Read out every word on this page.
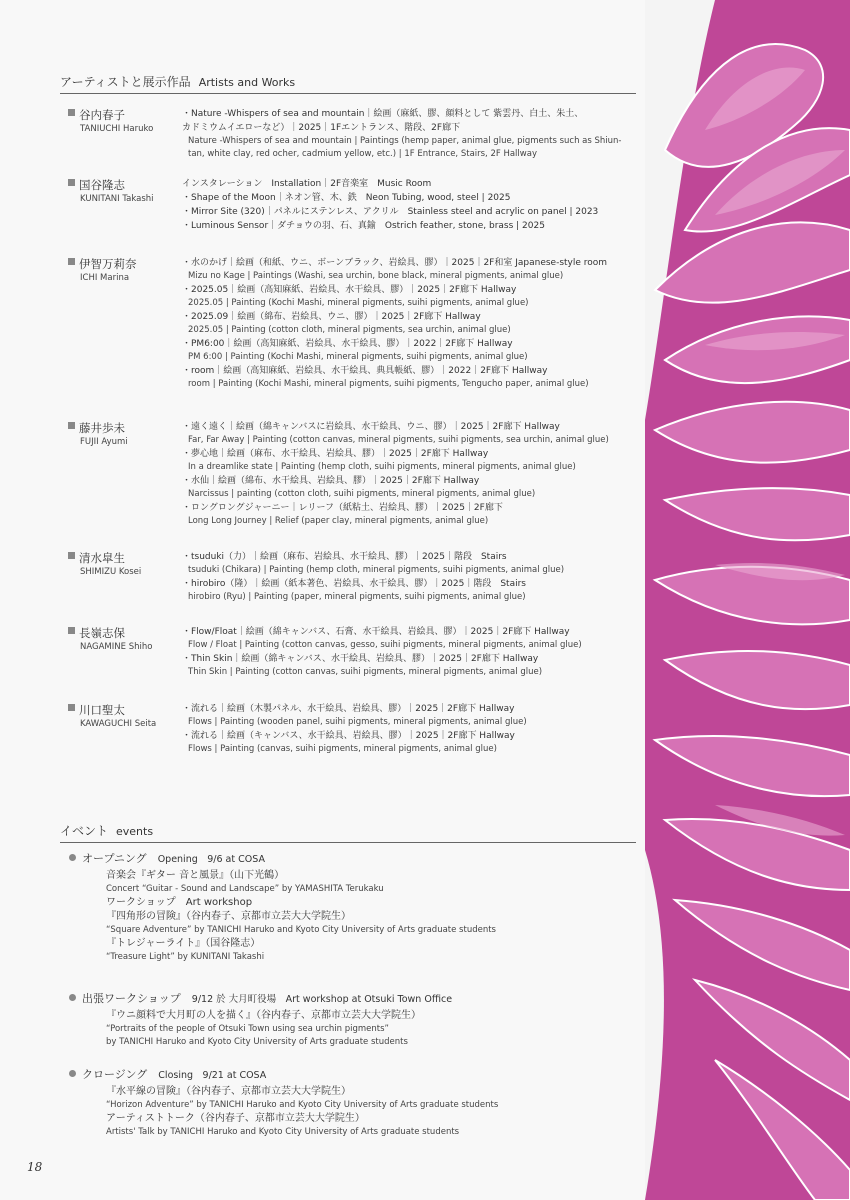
アーティストと展示作品 Artists and Works
谷内春子
TANIUCHI Haruko
・Nature -Whispers of sea and mountain｜絵画（麻紙、膠、顔料として 紫雲丹、白土、朱土、
カドミウムイエローなど）｜2025｜1Fエントランス、階段、2F廊下
Nature -Whispers of sea and mountain | Paintings (hemp paper, animal glue, pigments such as Shiun-tan, white clay, red ocher, cadmium yellow, etc.) | 1F Entrance, Stairs, 2F Hallway
国谷隆志
KUNITANI Takashi
インスタレーション　Installation｜2F音楽室　Music Room
・Shape of the Moon｜ネオン管、木、鉄　Neon Tubing, wood, steel | 2025
・Mirror Site (320)｜パネルにステンレス、アクリル　Stainless steel and acrylic on panel | 2023
・Luminous Sensor｜ダチョウの羽、石、真鍮　Ostrich feather, stone, brass | 2025
伊智万莉奈
ICHI Marina
・水のかげ｜絵画（和紙、ウニ、ボーンブラック、岩絵具、膠）｜2025｜2F和室 Japanese-style room
Mizu no Kage | Paintings (Washi, sea urchin, bone black, mineral pigments, animal glue)
・2025.05｜絵画（高知麻紙、岩絵具、水干絵具、膠）｜2025｜2F廊下 Hallway
2025.05 | Painting (Kochi Mashi, mineral pigments, suihi pigments, animal glue)
・2025.09｜絵画（綿布、岩絵具、ウニ、膠）｜2025｜2F廊下 Hallway
2025.05 | Painting (cotton cloth, mineral pigments, sea urchin, animal glue)
・PM6:00｜絵画（高知麻紙、岩絵具、水干絵具、膠）｜2022｜2F廊下 Hallway
PM 6:00 | Painting (Kochi Mashi, mineral pigments, suihi pigments, animal glue)
・room｜絵画（高知麻紙、岩絵具、水干絵具、典具帳紙、膠）｜2022｜2F廊下 Hallway
room | Painting (Kochi Mashi, mineral pigments, suihi pigments, Tengucho paper, animal glue)
藤井歩未
FUJII Ayumi
・遠く遠く｜絵画（綿キャンバスに岩絵具、水干絵具、ウニ、膠）｜2025｜2F廊下 Hallway
Far, Far Away | Painting (cotton canvas, mineral pigments, suihi pigments, sea urchin, animal glue)
・夢心地｜絵画（麻布、水干絵具、岩絵具、膠）｜2025｜2F廊下 Hallway
In a dreamlike state | Painting (hemp cloth, suihi pigments, mineral pigments, animal glue)
・水仙｜絵画（綿布、水干絵具、岩絵具、膠）｜2025｜2F廊下 Hallway
Narcissus | painting (cotton cloth, suihi pigments, mineral pigments, animal glue)
・ロングロングジャーニー｜レリーフ（紙粘土、岩絵具、膠）｜2025｜2F廊下
Long Long Journey | Relief (paper clay, mineral pigments, animal glue)
清水皐生
SHIMIZU Kosei
・tsuduki（力）｜絵画（麻布、岩絵具、水干絵具、膠）｜2025｜階段　Stairs
tsuduki (Chikara) | Painting (hemp cloth, mineral pigments, suihi pigments, animal glue)
・hirobiro（隆）｜絵画（紙本著色、岩絵具、水干絵具、膠）｜2025｜階段　Stairs
hirobiro (Ryu) | Painting (paper, mineral pigments, suihi pigments, animal glue)
長嶺志保
NAGAMINE Shiho
・Flow/Float｜絵画（綿キャンバス、石膏、水干絵具、岩絵具、膠）｜2025｜2F廊下 Hallway
Flow / Float | Painting (cotton canvas, gesso, suihi pigments, mineral pigments, animal glue)
・Thin Skin｜絵画（綿キャンバス、水干絵具、岩絵具、膠）｜2025｜2F廊下 Hallway
Thin Skin | Painting (cotton canvas, suihi pigments, mineral pigments, animal glue)
川口聖太
KAWAGUCHI Seita
・流れる｜絵画（木製パネル、水干絵具、岩絵具、膠）｜2025｜2F廊下 Hallway
Flows | Painting (wooden panel, suihi pigments, mineral pigments, animal glue)
・流れる｜絵画（キャンバス、水干絵具、岩絵具、膠）｜2025｜2F廊下 Hallway
Flows | Painting (canvas, suihi pigments, mineral pigments, animal glue)
イベント events
オープニング　 Opening　9/6 at COSA
音楽会『ギター 音と風景』（山下光鶴）
Concert “Guitar - Sound and Landscape” by YAMASHITA Terukaku
ワークショップ　Art workshop
『四角形の冒険』（谷内春子、京都市立芸大大学院生）
“Square Adventure” by TANICHI Haruko and Kyoto City University of Arts graduate students
『トレジャーライト』（国谷隆志）
“Treasure Light” by KUNITANI Takashi
出張ワークショップ　 9/12 於 大月町役場　Art workshop at Otsuki Town Office
『ウニ顔料で大月町の人を描く』（谷内春子、京都市立芸大大学院生）
“Portraits of the people of Otsuki Town using sea urchin pigments”
by TANICHI Haruko and Kyoto City University of Arts graduate students
クロージング　 Closing　9/21 at COSA
『水平線の冒険』（谷内春子、京都市立芸大大学院生）
“Horizon Adventure” by TANICHI Haruko and Kyoto City University of Arts graduate students
アーティストトーク（谷内春子、京都市立芸大大学院生）
Artists' Talk by TANICHI Haruko and Kyoto City University of Arts graduate students
18
